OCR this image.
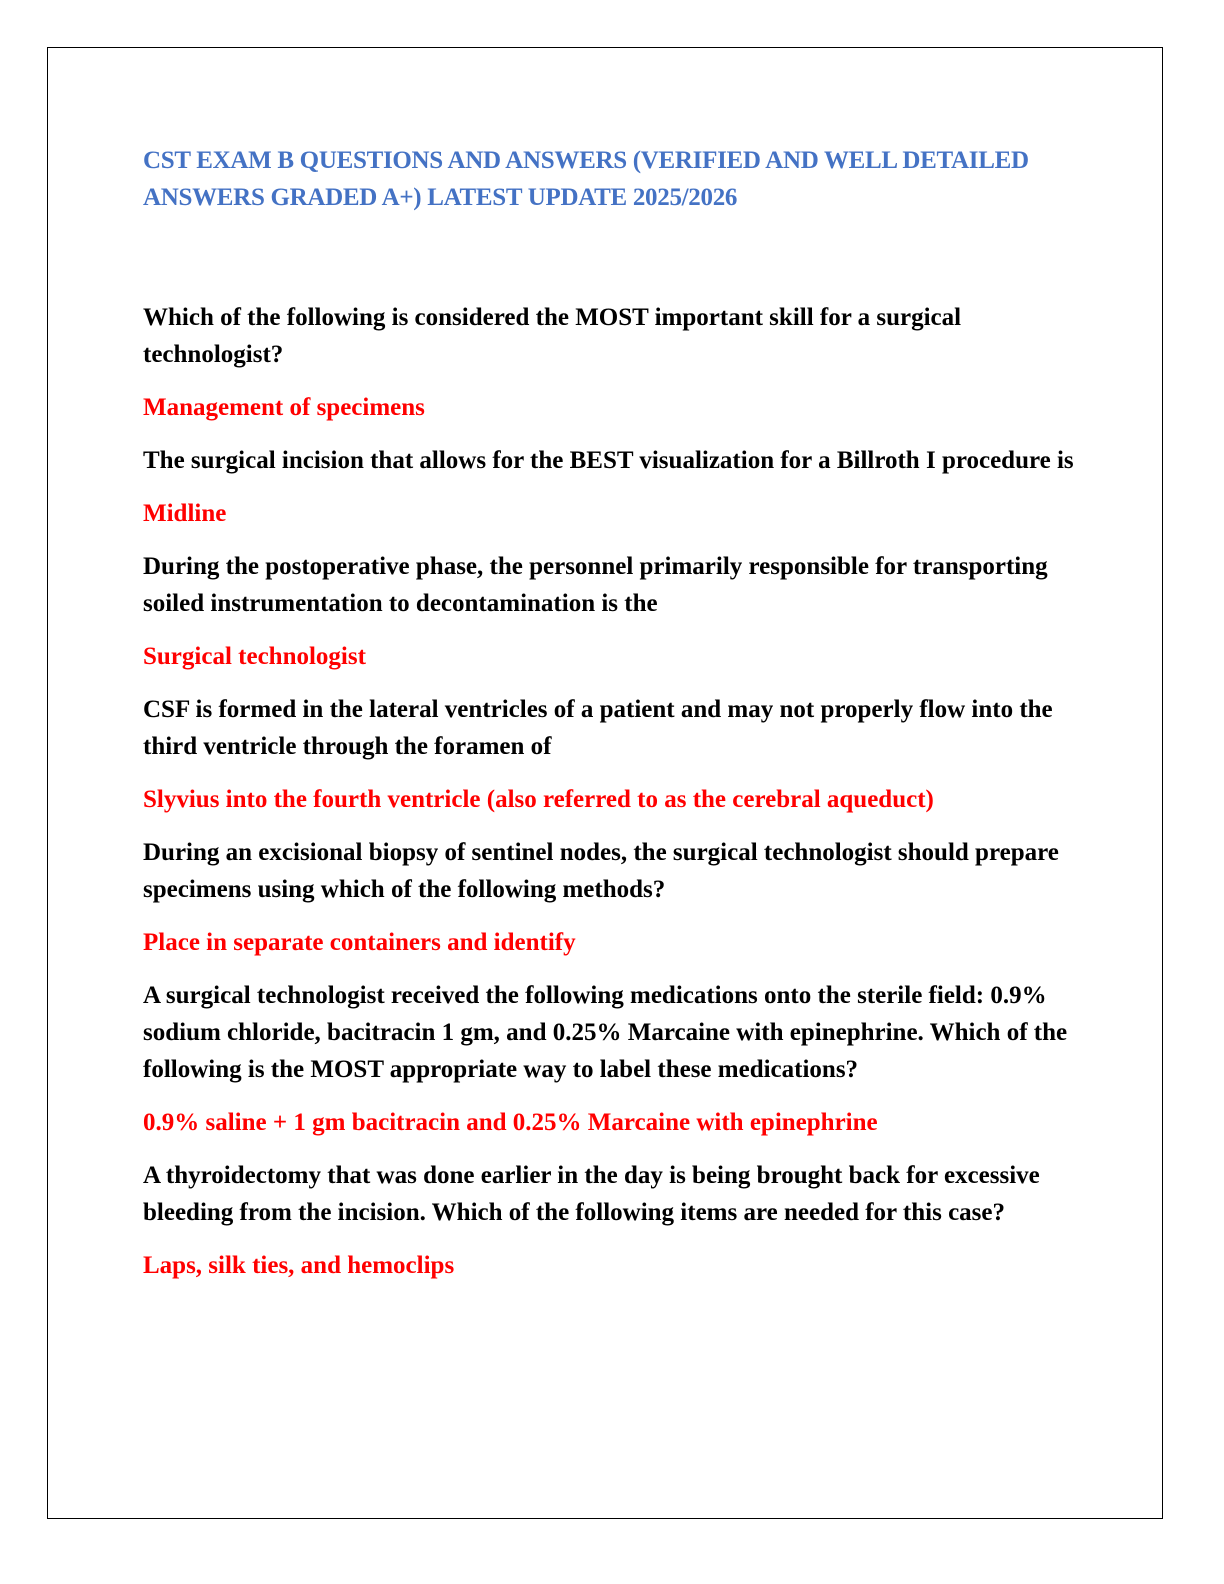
CST EXAM B QUESTIONS AND ANSWERS (VERIFIED AND WELL DETAILED ANSWERS GRADED A+) LATEST UPDATE 2025/2026

Which of the following is considered the MOST important skill for a surgical technologist?

Management of specimens

The surgical incision that allows for the BEST visualization for a Billroth I procedure is

Midline

During the postoperative phase, the personnel primarily responsible for transporting soiled instrumentation to decontamination is the

Surgical technologist

CSF is formed in the lateral ventricles of a patient and may not properly flow into the third ventricle through the foramen of

Slyvius into the fourth ventricle (also referred to as the cerebral aqueduct)

During an excisional biopsy of sentinel nodes, the surgical technologist should prepare specimens using which of the following methods?

Place in separate containers and identify

A surgical technologist received the following medications onto the sterile field: 0.9% sodium chloride, bacitracin 1 gm, and 0.25% Marcaine with epinephrine. Which of the following is the MOST appropriate way to label these medications?

0.9% saline + 1 gm bacitracin and 0.25% Marcaine with epinephrine

A thyroidectomy that was done earlier in the day is being brought back for excessive bleeding from the incision. Which of the following items are needed for this case?

Laps, silk ties, and hemoclips
